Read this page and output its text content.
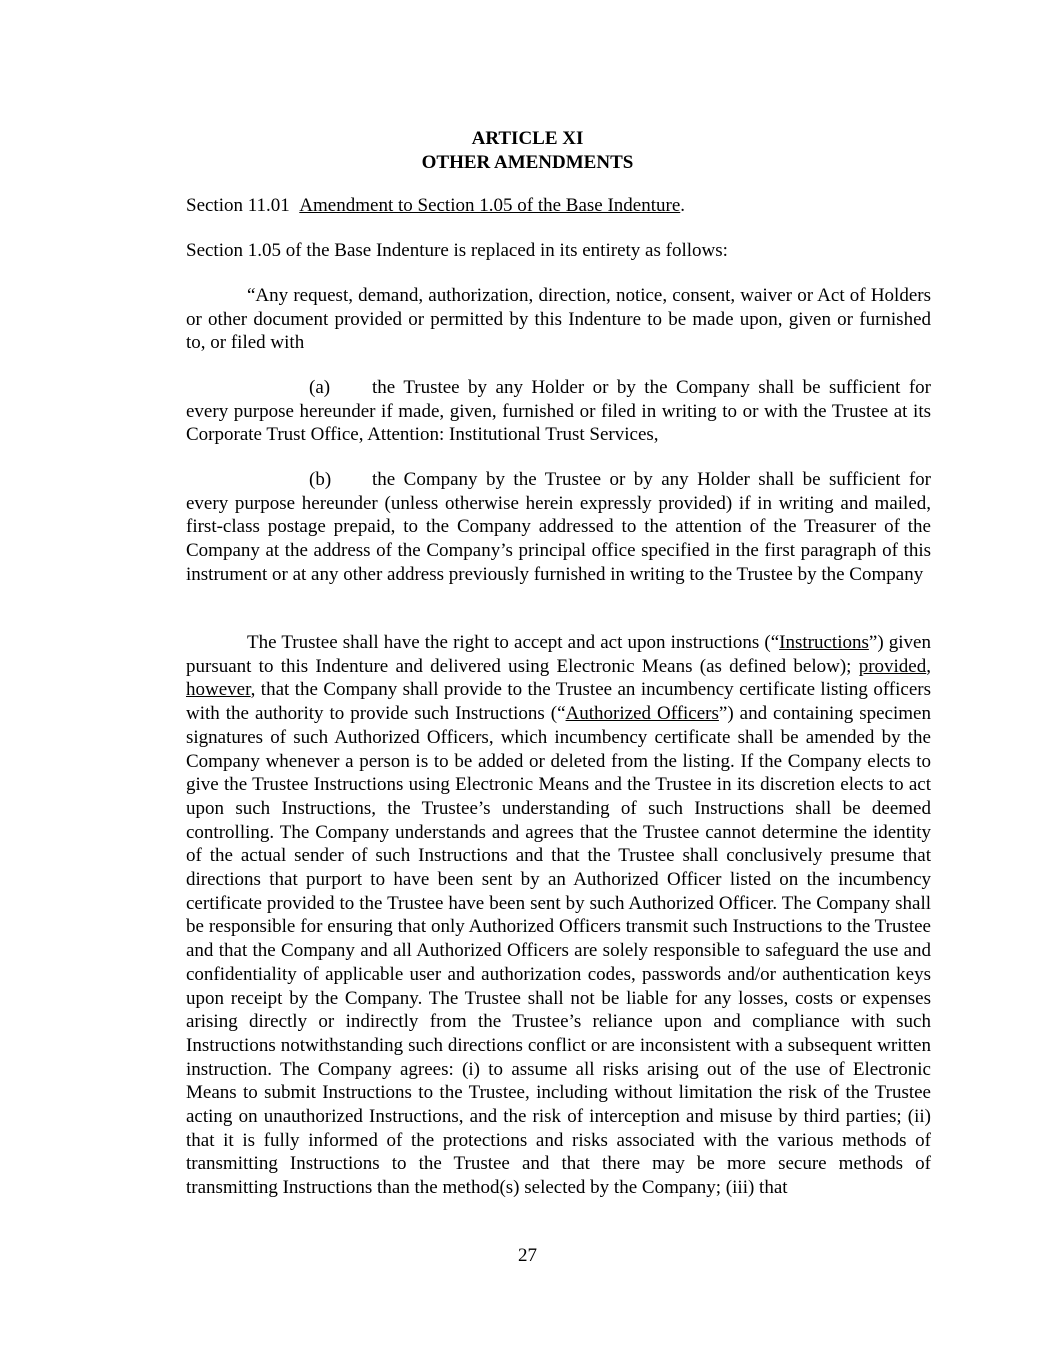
ARTICLE XI
OTHER AMENDMENTS
Section 11.01 Amendment to Section 1.05 of the Base Indenture.
Section 1.05 of the Base Indenture is replaced in its entirety as follows:
“Any request, demand, authorization, direction, notice, consent, waiver or Act of Holders or other document provided or permitted by this Indenture to be made upon, given or furnished to, or filed with
(a) the Trustee by any Holder or by the Company shall be sufficient for every purpose hereunder if made, given, furnished or filed in writing to or with the Trustee at its Corporate Trust Office, Attention: Institutional Trust Services,
(b) the Company by the Trustee or by any Holder shall be sufficient for every purpose hereunder (unless otherwise herein expressly provided) if in writing and mailed, first-class postage prepaid, to the Company addressed to the attention of the Treasurer of the Company at the address of the Company’s principal office specified in the first paragraph of this instrument or at any other address previously furnished in writing to the Trustee by the Company
The Trustee shall have the right to accept and act upon instructions (“Instructions”) given pursuant to this Indenture and delivered using Electronic Means (as defined below); provided, however, that the Company shall provide to the Trustee an incumbency certificate listing officers with the authority to provide such Instructions (“Authorized Officers”) and containing specimen signatures of such Authorized Officers, which incumbency certificate shall be amended by the Company whenever a person is to be added or deleted from the listing. If the Company elects to give the Trustee Instructions using Electronic Means and the Trustee in its discretion elects to act upon such Instructions, the Trustee’s understanding of such Instructions shall be deemed controlling. The Company understands and agrees that the Trustee cannot determine the identity of the actual sender of such Instructions and that the Trustee shall conclusively presume that directions that purport to have been sent by an Authorized Officer listed on the incumbency certificate provided to the Trustee have been sent by such Authorized Officer. The Company shall be responsible for ensuring that only Authorized Officers transmit such Instructions to the Trustee and that the Company and all Authorized Officers are solely responsible to safeguard the use and confidentiality of applicable user and authorization codes, passwords and/or authentication keys upon receipt by the Company. The Trustee shall not be liable for any losses, costs or expenses arising directly or indirectly from the Trustee’s reliance upon and compliance with such Instructions notwithstanding such directions conflict or are inconsistent with a subsequent written instruction. The Company agrees: (i) to assume all risks arising out of the use of Electronic Means to submit Instructions to the Trustee, including without limitation the risk of the Trustee acting on unauthorized Instructions, and the risk of interception and misuse by third parties; (ii) that it is fully informed of the protections and risks associated with the various methods of transmitting Instructions to the Trustee and that there may be more secure methods of transmitting Instructions than the method(s) selected by the Company; (iii) that
27
